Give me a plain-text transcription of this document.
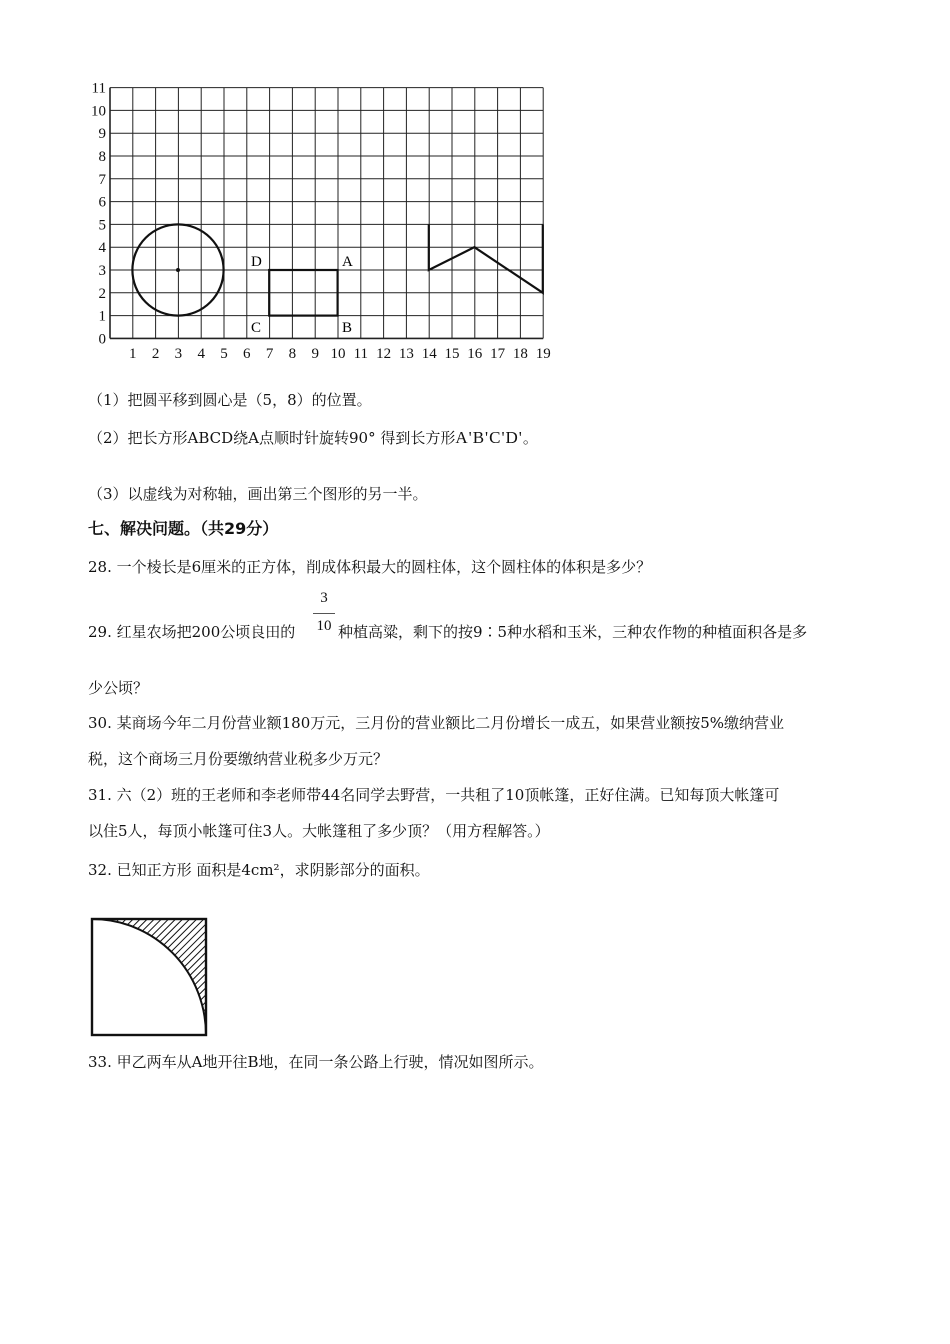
1 2 3 4 5 6 7 8 9 10 11 12 13 14 15 16 17 18 19
0
1
2
3
4
5
6
7
8
9
10
11
D	A
C	B
（1）把圆平移到圆心是（5，8）的位置。
（2）把长方形ABCD绕A点顺时针旋转90° 得到长方形A'B'C'D'。
（3）以虚线为对称轴，画出第三个图形的另一半。
七、解决问题。（共29分）
28. 一个棱长是6厘米的正方体，削成体积最大的圆柱体，这个圆柱体的体积是多少？
3
10
29. 红星农场把200公顷良田的	种植高粱，剩下的按9∶5种水稻和玉米，三种农作物的种植面积各是多
少公顷？
30. 某商场今年二月份营业额180万元，三月份的营业额比二月份增长一成五，如果营业额按5%缴纳营业
税，这个商场三月份要缴纳营业税多少万元？
31. 六（2）班的王老师和李老师带44名同学去野营，一共租了10顶帐篷，正好住满。已知每顶大帐篷可
以住5人，每顶小帐篷可住3人。大帐篷租了多少顶？（用方程解答。）
32. 已知正方形 面积是4cm²，求阴影部分的面积。
33. 甲乙两车从A地开往B地，在同一条公路上行驶，情况如图所示。
